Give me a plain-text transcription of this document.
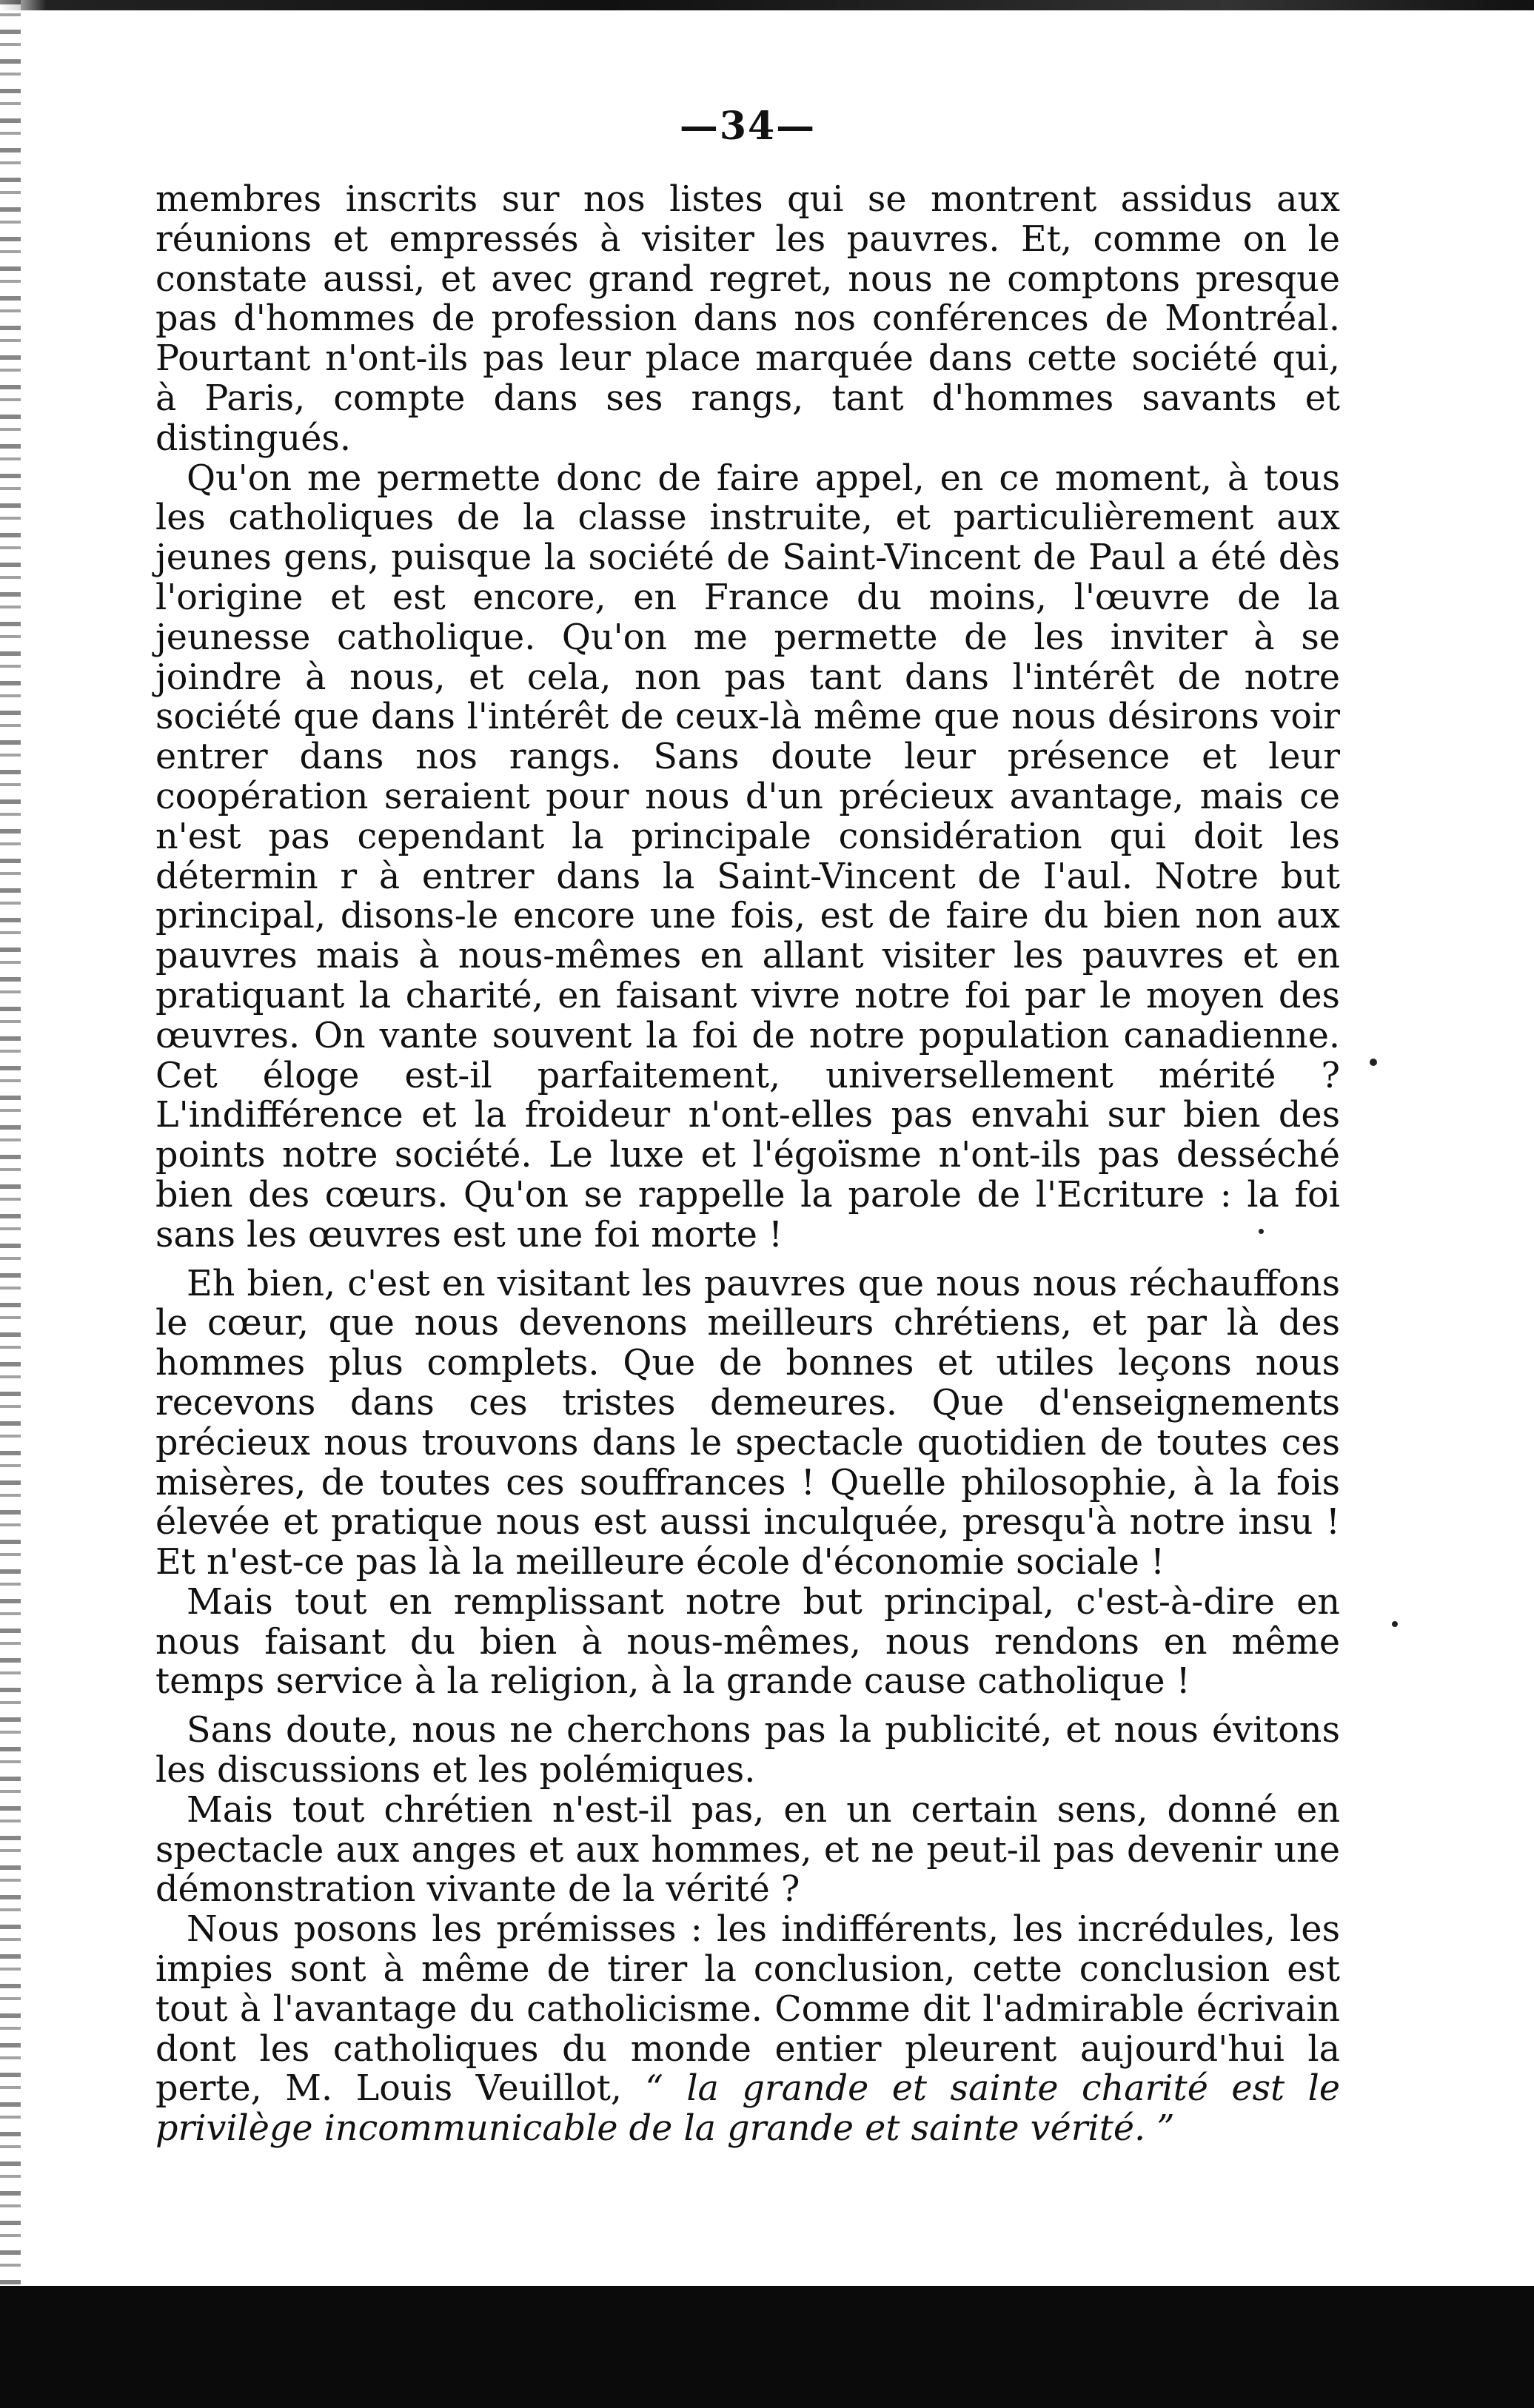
—34—

membres inscrits sur nos listes qui se montrent assidus aux réunions et empressés à visiter les pauvres. Et, comme on le constate aussi, et avec grand regret, nous ne comptons presque pas d'hommes de profession dans nos conférences de Montréal. Pourtant n'ont-ils pas leur place marquée dans cette société qui, à Paris, compte dans ses rangs, tant d'hommes savants et distingués.

Qu'on me permette donc de faire appel, en ce moment, à tous les catholiques de la classe instruite, et particulièrement aux jeunes gens, puisque la société de Saint-Vincent de Paul a été dès l'origine et est encore, en France du moins, l'œuvre de la jeunesse catholique. Qu'on me permette de les inviter à se joindre à nous, et cela, non pas tant dans l'intérêt de notre société que dans l'intérêt de ceux-là même que nous désirons voir entrer dans nos rangs. Sans doute leur présence et leur coopération seraient pour nous d'un précieux avantage, mais ce n'est pas cependant la principale considération qui doit les détermin r à entrer dans la Saint-Vincent de I'aul. Notre but principal, disons-le encore une fois, est de faire du bien non aux pauvres mais à nous-mêmes en allant visiter les pauvres et en pratiquant la charité, en faisant vivre notre foi par le moyen des œuvres. On vante souvent la foi de notre population canadienne. Cet éloge est-il parfaitement, universellement mérité ? L'indifférence et la froideur n'ont-elles pas envahi sur bien des points notre société. Le luxe et l'égoïsme n'ont-ils pas desséché bien des cœurs. Qu'on se rappelle la parole de l'Ecriture : la foi sans les œuvres est une foi morte !

Eh bien, c'est en visitant les pauvres que nous nous réchauffons le cœur, que nous devenons meilleurs chrétiens, et par là des hommes plus complets. Que de bonnes et utiles leçons nous recevons dans ces tristes demeures. Que d'enseignements précieux nous trouvons dans le spectacle quotidien de toutes ces misères, de toutes ces souffrances ! Quelle philosophie, à la fois élevée et pratique nous est aussi inculquée, presqu'à notre insu ! Et n'est-ce pas là la meilleure école d'économie sociale !

Mais tout en remplissant notre but principal, c'est-à-dire en nous faisant du bien à nous-mêmes, nous rendons en même temps service à la religion, à la grande cause catholique !

Sans doute, nous ne cherchons pas la publicité, et nous évitons les discussions et les polémiques.

Mais tout chrétien n'est-il pas, en un certain sens, donné en spectacle aux anges et aux hommes, et ne peut-il pas devenir une démonstration vivante de la vérité ?

Nous posons les prémisses : les indifférents, les incrédules, les impies sont à même de tirer la conclusion, cette conclusion est tout à l'avantage du catholicisme. Comme dit l'admirable écrivain dont les catholiques du monde entier pleurent aujourd'hui la perte, M. Louis Veuillot, “ la grande et sainte charité est le privilège incommunicable de la grande et sainte vérité. ”
